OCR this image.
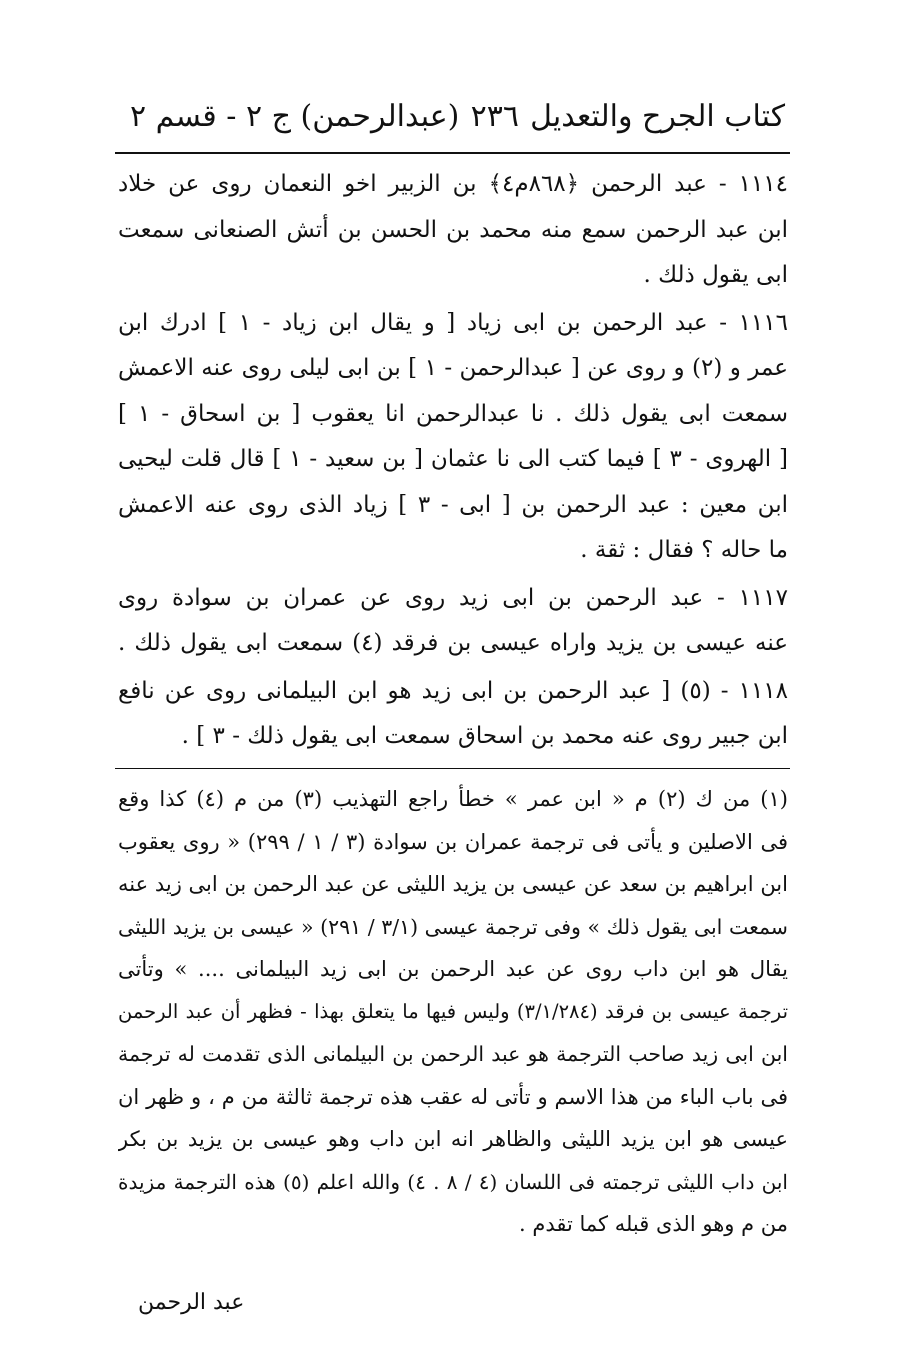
كتاب الجرح والتعديل
٢٣٦
(عبدالرحمن) ج ٢ - قسم ٢
١١١٤ - عبد الرحمن ﴿٨٦٨م٤﴾ بن الزبير اخو النعمان روى عن خلاد
ابن عبد الرحمن سمع منه محمد بن الحسن بن أتش الصنعانى سمعت
ابى يقول ذلك .
١١١٦ - عبد الرحمن بن ابى زياد [ و يقال ابن زياد - ١ ] ادرك ابن
عمر و (٢) و روى عن [ عبدالرحمن - ١ ] بن ابى ليلى روى عنه الاعمش
سمعت ابى يقول ذلك . نا عبدالرحمن انا يعقوب [ بن اسحاق - ١ ]
[ الهروى - ٣ ] فيما كتب الى نا عثمان [ بن سعيد - ١ ] قال قلت ليحيى
ابن معين : عبد الرحمن بن [ ابى - ٣ ] زياد الذى روى عنه الاعمش
ما حاله ؟ فقال : ثقة .
١١١٧ - عبد الرحمن بن ابى زيد روى عن عمران بن سوادة روى
عنه عيسى بن يزيد واراه عيسى بن فرقد (٤) سمعت ابى يقول ذلك .
١١١٨ - (٥) [ عبد الرحمن بن ابى زيد هو ابن البيلمانى روى عن نافع
ابن جبير روى عنه محمد بن اسحاق سمعت ابى يقول ذلك - ٣ ] .
(١) من ك (٢) م « ابن عمر » خطأ راجع التهذيب (٣) من م (٤) كذا وقع
فى الاصلين و يأتى فى ترجمة عمران بن سوادة (٣ / ١ / ٢٩٩) « روى يعقوب
ابن ابراهيم بن سعد عن عيسى بن يزيد الليثى عن عبد الرحمن بن ابى زيد عنه
سمعت ابى يقول ذلك » وفى ترجمة عيسى (٣/١ / ٢٩١) « عيسى بن يزيد الليثى
يقال هو ابن داب روى عن عبد الرحمن بن ابى زيد البيلمانى .... » وتأتى
ترجمة عيسى بن فرقد (٣/١/٢٨٤) وليس فيها ما يتعلق بهذا - فظهر أن عبد الرحمن
ابن ابى زيد صاحب الترجمة هو عبد الرحمن بن البيلمانى الذى تقدمت له ترجمة
فى باب الباء من هذا الاسم و تأتى له عقب هذه ترجمة ثالثة من م ، و ظهر ان
عيسى هو ابن يزيد الليثى والظاهر انه ابن داب وهو عيسى بن يزيد بن بكر
ابن داب الليثى ترجمته فى اللسان (٤ / ٨ . ٤) والله اعلم (٥) هذه الترجمة مزيدة
من م وهو الذى قبله كما تقدم .
عبد الرحمن
